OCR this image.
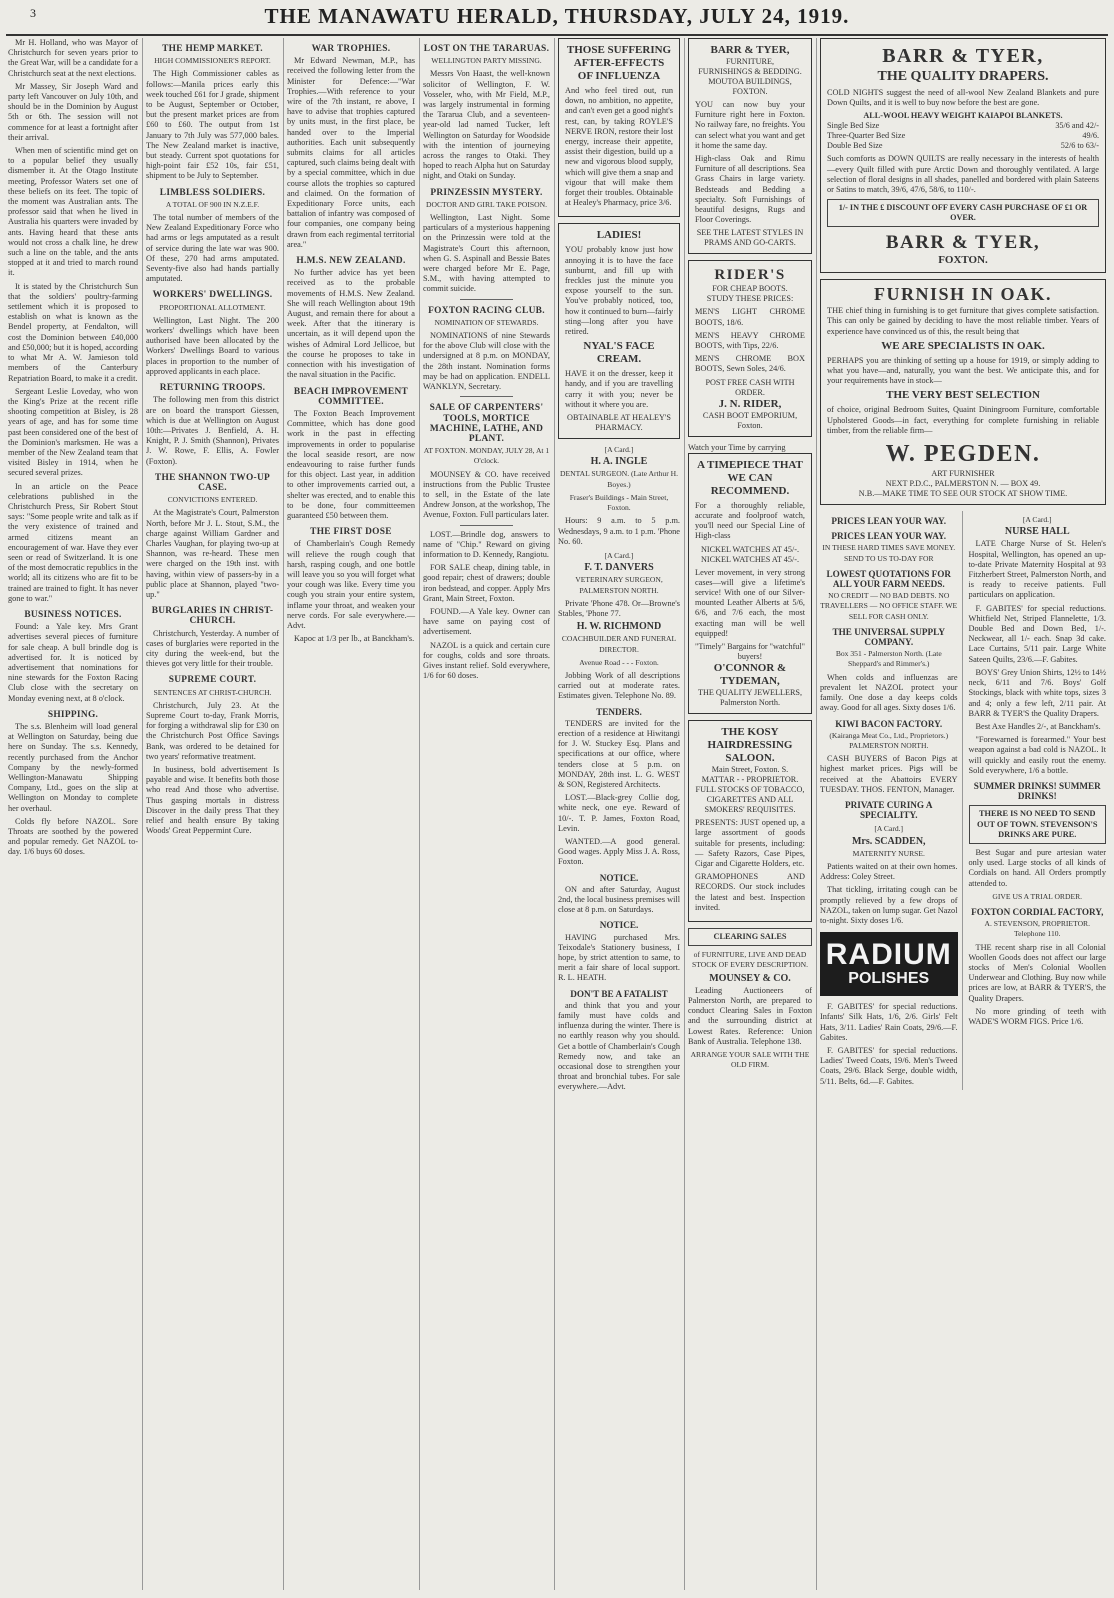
3	THE MANAWATU HERALD, THURSDAY, JULY 24, 1919.

Mr H. Holland, who was Mayor of Christchurch for seven years prior to the Great War, will be a candidate for a Christchurch seat at the next elections.

Mr Massey, Sir Joseph Ward and party left Vancouver on July 10th, and should be in the Dominion by August 5th or 6th. The session will not commence for at least a fortnight after their arrival.

When men of scientific mind get on to a popular belief they usually dismember it. At the Otago Institute meeting, Professor Waters set one of these beliefs on its feet. The topic of the moment was Australian ants. The professor said that when he lived in Australia his quarters were invaded by ants. Having heard that these ants would not cross a chalk line, he drew such a line on the table, and the ants stopped at it and tried to march round it.

It is stated by the Christchurch Sun that the soldiers' poultry-farming settlement which it is proposed to establish on what is known as the Bendel property, at Fendalton, will cost the Dominion between £40,000 and £50,000; but it is hoped, according to what Mr A. W. Jamieson told members of the Canterbury Repatriation Board, to make it a credit.

Sergeant Leslie Loveday, who won the King's Prize at the recent rifle shooting competition at Bisley, is 28 years of age, and has for some time past been considered one of the best of the Dominion's marksmen. He was a member of the New Zealand team that visited Bisley in 1914, when he secured several prizes.

In an article on the Peace celebrations published in the Christchurch Press, Sir Robert Stout says: "Some people write and talk as if the very existence of trained and armed citizens meant an encouragement of war. Have they ever seen or read of Switzerland. It is one of the most democratic republics in the world; all its citizens who are fit to be trained are trained to fight. It has never gone to war."

BUSINESS NOTICES.

Found: a Yale key. Mrs Grant advertises several pieces of furniture for sale cheap. A bull brindle dog is advertised for. It is noticed by advertisement that nominations for nine stewards for the Foxton Racing Club close with the secretary on Monday evening next, at 8 o'clock.

SHIPPING.

The s.s. Blenheim will load general at Wellington on Saturday, being due here on Sunday. The s.s. Kennedy, recently purchased from the Anchor Company by the newly-formed Wellington-Manawatu Shipping Company, Ltd., goes on the slip at Wellington on Monday to complete her overhaul.

Colds fly before NAZOL. Sore Throats are soothed by the powered and popular remedy. Get NAZOL to-day. 1/6 buys 60 doses.

THE HEMP MARKET.
HIGH COMMISSIONER'S REPORT.

The High Commissioner cables as follows:—Manila prices early this week touched £61 for J grade, shipment to be August, September or October, but the present market prices are from £60 to £60. The output from 1st January to 7th July was 577,000 bales. The New Zealand market is inactive, but steady. Current spot quotations for high-point fair £52 10s, fair £51, shipment to be July to September.

LIMBLESS SOLDIERS.
A TOTAL OF 900 IN N.Z.E.F.

The total number of members of the New Zealand Expeditionary Force who had arms or legs amputated as a result of service during the late war was 900. Of these, 270 had arms amputated. Seventy-five also had hands partially amputated.

WORKERS' DWELLINGS.
PROPORTIONAL ALLOTMENT.

Wellington, Last Night. The 200 workers' dwellings which have been authorised have been allocated by the Workers' Dwellings Board to various places in proportion to the number of approved applicants in each place.

RETURNING TROOPS.

The following men from this district are on board the transport Giessen, which is due at Wellington on August 10th:—Privates J. Benfield, A. H. Knight, P. J. Smith (Shannon), Privates J. W. Rowe, F. Ellis, A. Fowler (Foxton).

THE SHANNON TWO-UP CASE.
CONVICTIONS ENTERED.

At the Magistrate's Court, Palmerston North, before Mr J. L. Stout, S.M., the charge against William Gardner and Charles Vaughan, for playing two-up at Shannon, was re-heard. These men were charged on the 19th inst. with having, within view of passers-by in a public place at Shannon, played "two-up."

BURGLARIES IN CHRIST-CHURCH.

Christchurch, Yesterday. A number of cases of burglaries were reported in the city during the week-end, but the thieves got very little for their trouble.

SUPREME COURT.
SENTENCES AT CHRIST-CHURCH.

Christchurch, July 23. At the Supreme Court to-day, Frank Morris, for forging a withdrawal slip for £30 on the Christchurch Post Office Savings Bank, was ordered to be detained for two years' reformative treatment.

In business, bold advertisement Is payable and wise. It benefits both those who read And those who advertise. Thus gasping mortals in distress Discover in the daily press That they relief and health ensure By taking Woods' Great Peppermint Cure.

WAR TROPHIES.

Mr Edward Newman, M.P., has received the following letter from the Minister for Defence:—"War Trophies.—With reference to your wire of the 7th instant, re above, I have to advise that trophies captured by units must, in the first place, be handed over to the Imperial authorities. Each unit subsequently submits claims for all articles captured, such claims being dealt with by a special committee, which in due course allots the trophies so captured and claimed. On the formation of Expeditionary Force units, each battalion of infantry was composed of four companies, one company being drawn from each regimental territorial area."

H.M.S. NEW ZEALAND.

No further advice has yet been received as to the probable movements of H.M.S. New Zealand. She will reach Wellington about 19th August, and remain there for about a week. After that the itinerary is uncertain, as it will depend upon the wishes of Admiral Lord Jellicoe, but the course he proposes to take in connection with his investigation of the naval situation in the Pacific.

BEACH IMPROVEMENT COMMITTEE.

The Foxton Beach Improvement Committee, which has done good work in the past in effecting improvements in order to popularise the local seaside resort, are now endeavouring to raise further funds for this object. Last year, in addition to other improvements carried out, a shelter was erected, and to enable this to be done, four committeemen guaranteed £50 between them.

THE FIRST DOSE

of Chamberlain's Cough Remedy will relieve the rough cough that harsh, rasping cough, and one bottle will leave you so you will forget what your cough was like. Every time you cough you strain your entire system, inflame your throat, and weaken your nerve cords. For sale everywhere.—Advt.

Kapoc at 1/3 per lb., at Banckham's.

LOST ON THE TARARUAS.
WELLINGTON PARTY MISSING.

Messrs Von Haast, the well-known solicitor of Wellington, F. W. Vosseler, who, with Mr Field, M.P., was largely instrumental in forming the Tararua Club, and a seventeen-year-old lad named Tucker, left Wellington on Saturday for Woodside with the intention of journeying across the ranges to Otaki. They hoped to reach Alpha hut on Saturday night, and Otaki on Sunday.

PRINZESSIN MYSTERY.
DOCTOR AND GIRL TAKE POISON.

Wellington, Last Night. Some particulars of a mysterious happening on the Prinzessin were told at the Magistrate's Court this afternoon, when G. S. Aspinall and Bessie Bates were charged before Mr E. Page, S.M., with having attempted to commit suicide.

FOXTON RACING CLUB.
NOMINATION OF STEWARDS.

NOMINATIONS of nine Stewards for the above Club will close with the undersigned at 8 p.m. on MONDAY, the 28th instant. Nomination forms may be had on application. ENDELL WANKLYN, Secretary.

SALE OF CARPENTERS' TOOLS, MORTICE MACHINE, LATHE, AND PLANT.
AT FOXTON. MONDAY, JULY 28, At 1 O'clock.

MOUNSEY & CO. have received instructions from the Public Trustee to sell, in the Estate of the late Andrew Jonson, at the workshop, The Avenue, Foxton. Full particulars later.

LOST.—Brindle dog, answers to name of "Chip." Reward on giving information to D. Kennedy, Rangiotu.

FOR SALE cheap, dining table, in good repair; chest of drawers; double iron bedstead, and copper. Apply Mrs Grant, Main Street, Foxton.

FOUND.—A Yale key. Owner can have same on paying cost of advertisement.

NAZOL is a quick and certain cure for coughs, colds and sore throats. Gives instant relief. Sold everywhere, 1/6 for 60 doses.

THOSE SUFFERING AFTER-EFFECTS OF INFLUENZA

And who feel tired out, run down, no ambition, no appetite, and can't even get a good night's rest, can, by taking ROYLE'S NERVE IRON, restore their lost energy, increase their appetite, assist their digestion, build up a new and vigorous blood supply, which will give them a snap and vigour that will make them forget their troubles. Obtainable at Healey's Pharmacy, price 3/6.

LADIES!

YOU probably know just how annoying it is to have the face sunburnt, and fill up with freckles just the minute you expose yourself to the sun. You've probably noticed, too, how it continued to burn—fairly sting—long after you have retired.

NYAL'S FACE CREAM.

HAVE it on the dresser, keep it handy, and if you are travelling carry it with you; never be without it where you are.

OBTAINABLE AT HEALEY'S PHARMACY.
[A Card.]
H. A. INGLE
DENTAL SURGEON. (Late Arthur H. Boyes.)
Fraser's Buildings - Main Street, Foxton.

Hours: 9 a.m. to 5 p.m. Wednesdays, 9 a.m. to 1 p.m. 'Phone No. 60.

[A Card.]
F. T. DANVERS
VETERINARY SURGEON, PALMERSTON NORTH.

Private 'Phone 478. Or—Browne's Stables, 'Phone 77.

H. W. RICHMOND
COACHBUILDER AND FUNERAL DIRECTOR.
Avenue Road - - - Foxton.

Jobbing Work of all descriptions carried out at moderate rates. Estimates given. Telephone No. 89.

TENDERS.

TENDERS are invited for the erection of a residence at Hiwitangi for J. W. Stuckey Esq. Plans and specifications at our office, where tenders close at 5 p.m. on MONDAY, 28th inst. L. G. WEST & SON, Registered Architects.

LOST.—Black-grey Collie dog, white neck, one eye. Reward of 10/-. T. P. James, Foxton Road, Levin.

WANTED.—A good general. Good wages. Apply Miss J. A. Ross, Foxton.

NOTICE.

ON and after Saturday, August 2nd, the local business premises will close at 8 p.m. on Saturdays.

NOTICE.

HAVING purchased Mrs. Teixodale's Stationery business, I hope, by strict attention to same, to merit a fair share of local support. R. L. HEATH.

DON'T BE A FATALIST

and think that you and your family must have colds and influenza during the winter. There is no earthly reason why you should. Get a bottle of Chamberlain's Cough Remedy now, and take an occasional dose to strengthen your throat and bronchial tubes. For sale everywhere.—Advt.

BARR & TYER,
FURNITURE,
FURNISHINGS & BEDDING.
MOUTOA BUILDINGS, FOXTON.

YOU can now buy your Furniture right here in Foxton. No railway fare, no freights. You can select what you want and get it home the same day.

High-class Oak and Rimu Furniture of all descriptions. Sea Grass Chairs in large variety. Bedsteads and Bedding a specialty. Soft Furnishings of beautiful designs, Rugs and Floor Coverings.

SEE THE LATEST STYLES IN PRAMS AND GO-CARTS.
RIDER'S
FOR CHEAP BOOTS.
STUDY THESE PRICES:

MEN'S LIGHT CHROME BOOTS, 18/6.

MEN'S HEAVY CHROME BOOTS, with Tips, 22/6.

MEN'S CHROME BOX BOOTS, Sewn Soles, 24/6.

POST FREE CASH WITH ORDER.
J. N. RIDER,
CASH BOOT EMPORIUM, Foxton.
Watch your Time by carrying
A TIMEPIECE THAT WE CAN RECOMMEND.

For a thoroughly reliable, accurate and foolproof watch, you'll need our Special Line of High-class

NICKEL WATCHES AT 45/-.
NICKEL WATCHES AT 45/-.

Lever movement, in very strong cases—will give a lifetime's service! With one of our Silver-mounted Leather Alberts at 5/6, 6/6, and 7/6 each, the most exacting man will be well equipped!

"Timely" Bargains for "watchful" buyers!
O'CONNOR & TYDEMAN,
THE QUALITY JEWELLERS, Palmerston North.
THE KOSY HAIRDRESSING SALOON.
Main Street, Foxton. S. MATTAR - - PROPRIETOR.
FULL STOCKS OF TOBACCO, CIGARETTES AND ALL SMOKERS' REQUISITES.

PRESENTS: JUST opened up, a large assortment of goods suitable for presents, including:— Safety Razors, Case Pipes, Cigar and Cigarette Holders, etc.

GRAMOPHONES AND RECORDS. Our stock includes the latest and best. Inspection invited.

CLEARING SALES
of FURNITURE, LIVE AND DEAD STOCK OF EVERY DESCRIPTION.
MOUNSEY & CO.

Leading Auctioneers of Palmerston North, are prepared to conduct Clearing Sales in Foxton and the surrounding district at Lowest Rates. Reference: Union Bank of Australia. Telephone 138.

ARRANGE YOUR SALE WITH THE OLD FIRM.
BARR & TYER,
THE QUALITY DRAPERS.

COLD NIGHTS suggest the need of all-wool New Zealand Blankets and pure Down Quilts, and it is well to buy now before the best are gone.

ALL-WOOL HEAVY WEIGHT KAIAPOI BLANKETS.
Single Bed Size	35/6 and 42/-
Three-Quarter Bed Size	49/6.
Double Bed Size	52/6 to 63/-

Such comforts as DOWN QUILTS are really necessary in the interests of health—every Quilt filled with pure Arctic Down and thoroughly ventilated. A large selection of floral designs in all shades, panelled and bordered with plain Sateens or Satins to match, 39/6, 47/6, 58/6, to 110/-.

1/- IN THE £ DISCOUNT OFF EVERY CASH PURCHASE OF £1 OR OVER.
BARR & TYER,
FOXTON.
FURNISH IN OAK.

THE chief thing in furnishing is to get furniture that gives complete satisfaction. This can only be gained by deciding to have the most reliable timber. Years of experience have convinced us of this, the result being that

WE ARE SPECIALISTS IN OAK.

PERHAPS you are thinking of setting up a house for 1919, or simply adding to what you have—and, naturally, you want the best. We anticipate this, and for your requirements have in stock—

THE VERY BEST SELECTION

of choice, original Bedroom Suites, Quaint Diningroom Furniture, comfortable Upholstered Goods—in fact, everything for complete furnishing in reliable timber, from the reliable firm—

W. PEGDEN.
ART FURNISHER
NEXT P.D.C., PALMERSTON N. — BOX 49.
N.B.—MAKE TIME TO SEE OUR STOCK AT SHOW TIME.
PRICES LEAN YOUR WAY.
PRICES LEAN YOUR WAY.
IN THESE HARD TIMES SAVE MONEY. SEND TO US TO-DAY FOR
LOWEST QUOTATIONS FOR ALL YOUR FARM NEEDS.
NO CREDIT — NO BAD DEBTS. NO TRAVELLERS — NO OFFICE STAFF. WE SELL FOR CASH ONLY.
THE UNIVERSAL SUPPLY COMPANY.
Box 351 - Palmerston North. (Late Sheppard's and Rimmer's.)

When colds and influenzas are prevalent let NAZOL protect your family. One dose a day keeps colds away. Good for all ages. Sixty doses 1/6.

KIWI BACON FACTORY.
(Kairanga Meat Co., Ltd., Proprietors.) PALMERSTON NORTH.

CASH BUYERS of Bacon Pigs at highest market prices. Pigs will be received at the Abattoirs EVERY TUESDAY. THOS. FENTON, Manager.

PRIVATE CURING A SPECIALITY.
[A Card.]
Mrs. SCADDEN,
MATERNITY NURSE.

Patients waited on at their own homes. Address: Coley Street.

That tickling, irritating cough can be promptly relieved by a few drops of NAZOL, taken on lump sugar. Get Nazol to-night. Sixty doses 1/6.

RADIUM
POLISHES

F. GABITES' for special reductions. Infants' Silk Hats, 1/6, 2/6. Girls' Felt Hats, 3/11. Ladies' Rain Coats, 29/6.—F. Gabites.

F. GABITES' for special reductions. Ladies' Tweed Coats, 19/6. Men's Tweed Coats, 29/6. Black Serge, double width, 5/11. Belts, 6d.—F. Gabites.

[A Card.]
NURSE HALL

LATE Charge Nurse of St. Helen's Hospital, Wellington, has opened an up-to-date Private Maternity Hospital at 93 Fitzherbert Street, Palmerston North, and is ready to receive patients. Full particulars on application.

F. GABITES' for special reductions. Whitfield Net, Striped Flannelette, 1/3. Double Bed and Down Bed, 1/-. Neckwear, all 1/- each. Snap 3d cake. Lace Curtains, 5/11 pair. Large White Sateen Quilts, 23/6.—F. Gabites.

BOYS' Grey Union Shirts, 12½ to 14½ neck, 6/11 and 7/6. Boys' Golf Stockings, black with white tops, sizes 3 and 4; only a few left, 2/11 pair. At BARR & TYER'S the Quality Drapers.

Best Axe Handles 2/-, at Banckham's.

"Forewarned is forearmed." Your best weapon against a bad cold is NAZOL. It will quickly and easily rout the enemy. Sold everywhere, 1/6 a bottle.

SUMMER DRINKS! SUMMER DRINKS!
THERE IS NO NEED TO SEND OUT OF TOWN. STEVENSON'S DRINKS ARE PURE.

Best Sugar and pure artesian water only used. Large stocks of all kinds of Cordials on hand. All Orders promptly attended to.

GIVE US A TRIAL ORDER.
FOXTON CORDIAL FACTORY,
A. STEVENSON, PROPRIETOR. Telephone 110.

THE recent sharp rise in all Colonial Woollen Goods does not affect our large stocks of Men's Colonial Woollen Underwear and Clothing. Buy now while prices are low, at BARR & TYER'S, the Quality Drapers.

No more grinding of teeth with WADE'S WORM FIGS. Price 1/6.
